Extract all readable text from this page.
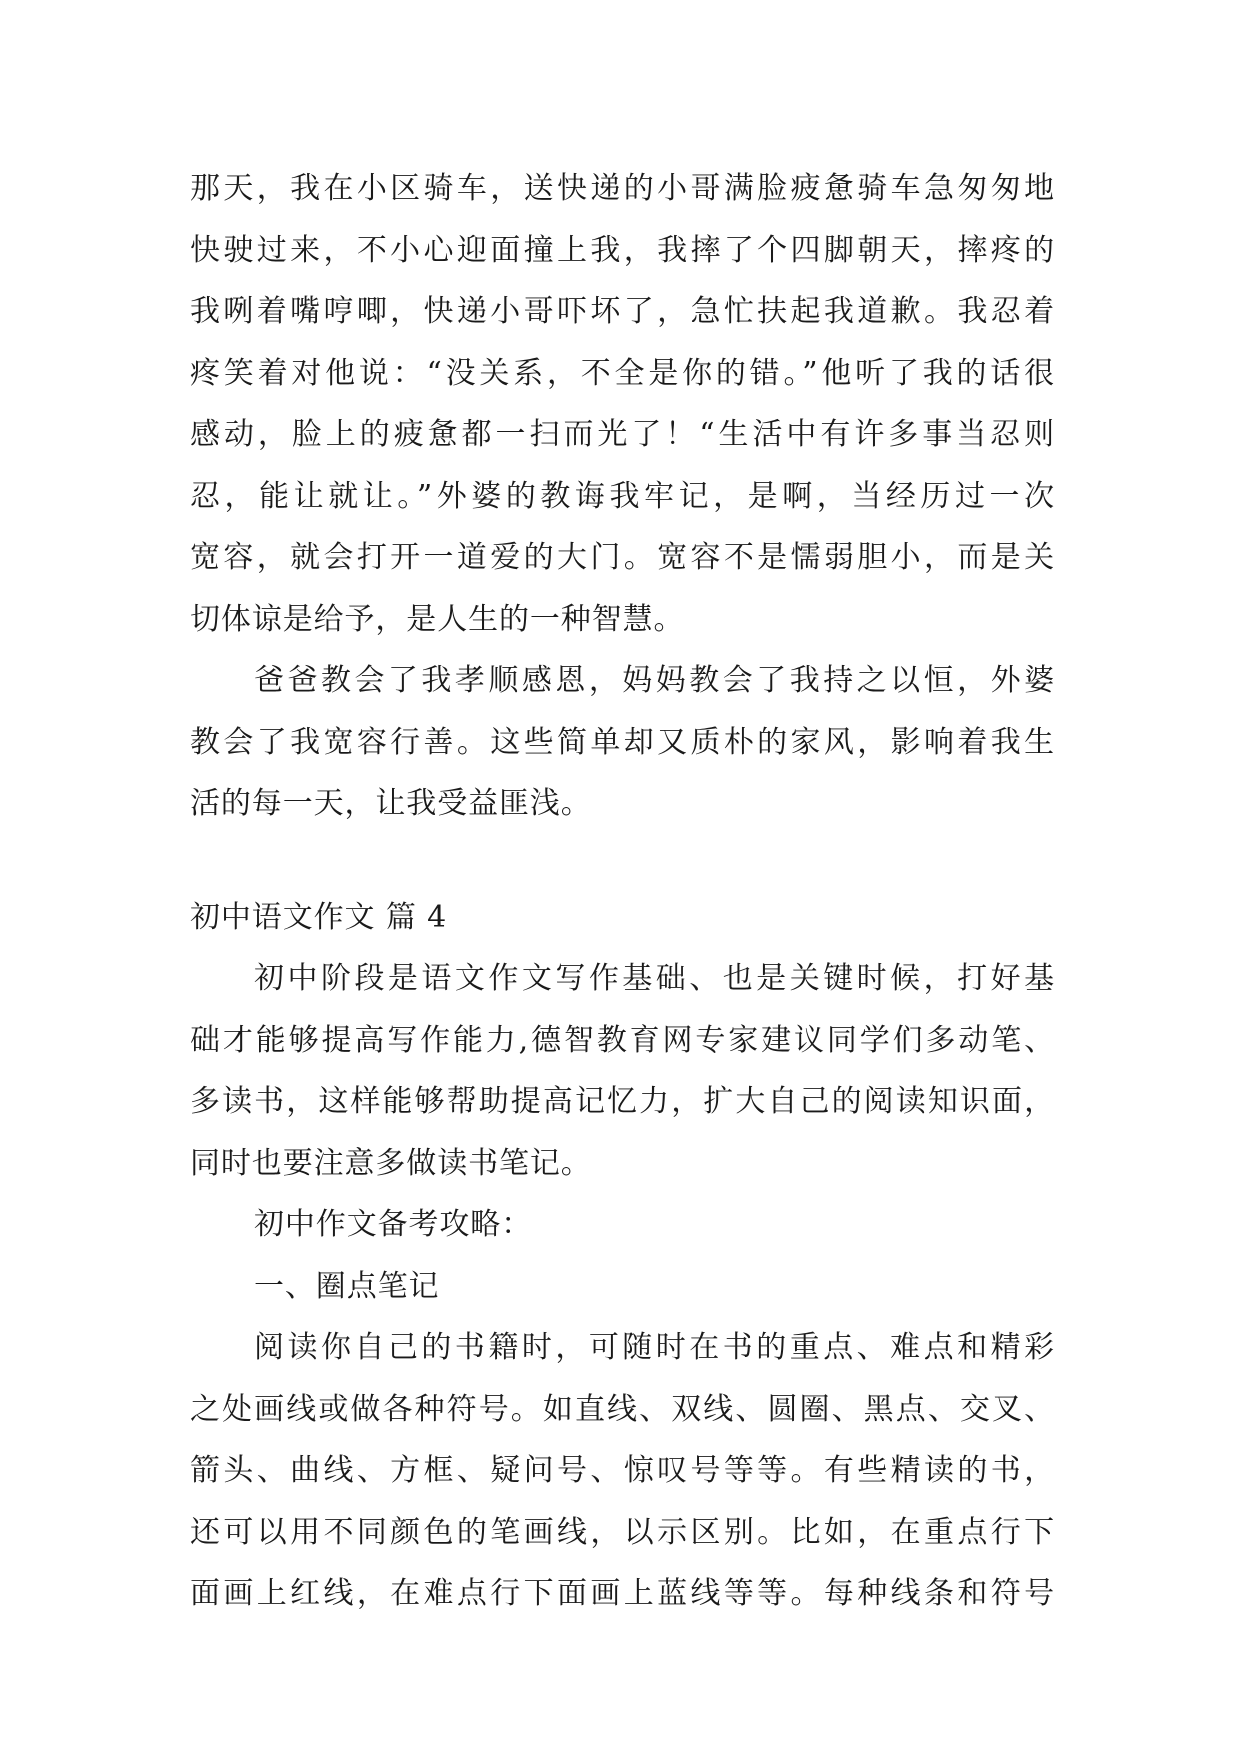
那天，我在小区骑车，送快递的小哥满脸疲惫骑车急匆匆地
快驶过来，不小心迎面撞上我，我摔了个四脚朝天，摔疼的
我咧着嘴哼唧，快递小哥吓坏了，急忙扶起我道歉。我忍着
疼笑着对他说：“没关系，不全是你的错。”他听了我的话很
感动，脸上的疲惫都一扫而光了！“生活中有许多事当忍则
忍，能让就让。”外婆的教诲我牢记，是啊，当经历过一次
宽容，就会打开一道爱的大门。宽容不是懦弱胆小，而是关
切体谅是给予，是人生的一种智慧。
爸爸教会了我孝顺感恩，妈妈教会了我持之以恒，外婆
教会了我宽容行善。这些简单却又质朴的家风，影响着我生
活的每一天，让我受益匪浅。
初中语文作文 篇 4
初中阶段是语文作文写作基础、也是关键时候，打好基
础才能够提高写作能力,德智教育网专家建议同学们多动笔、
多读书，这样能够帮助提高记忆力，扩大自己的阅读知识面，
同时也要注意多做读书笔记。
初中作文备考攻略：
一、圈点笔记
阅读你自己的书籍时，可随时在书的重点、难点和精彩
之处画线或做各种符号。如直线、双线、圆圈、黑点、交叉、
箭头、曲线、方框、疑问号、惊叹号等等。有些精读的书，
还可以用不同颜色的笔画线，以示区别。比如，在重点行下
面画上红线，在难点行下面画上蓝线等等。每种线条和符号
